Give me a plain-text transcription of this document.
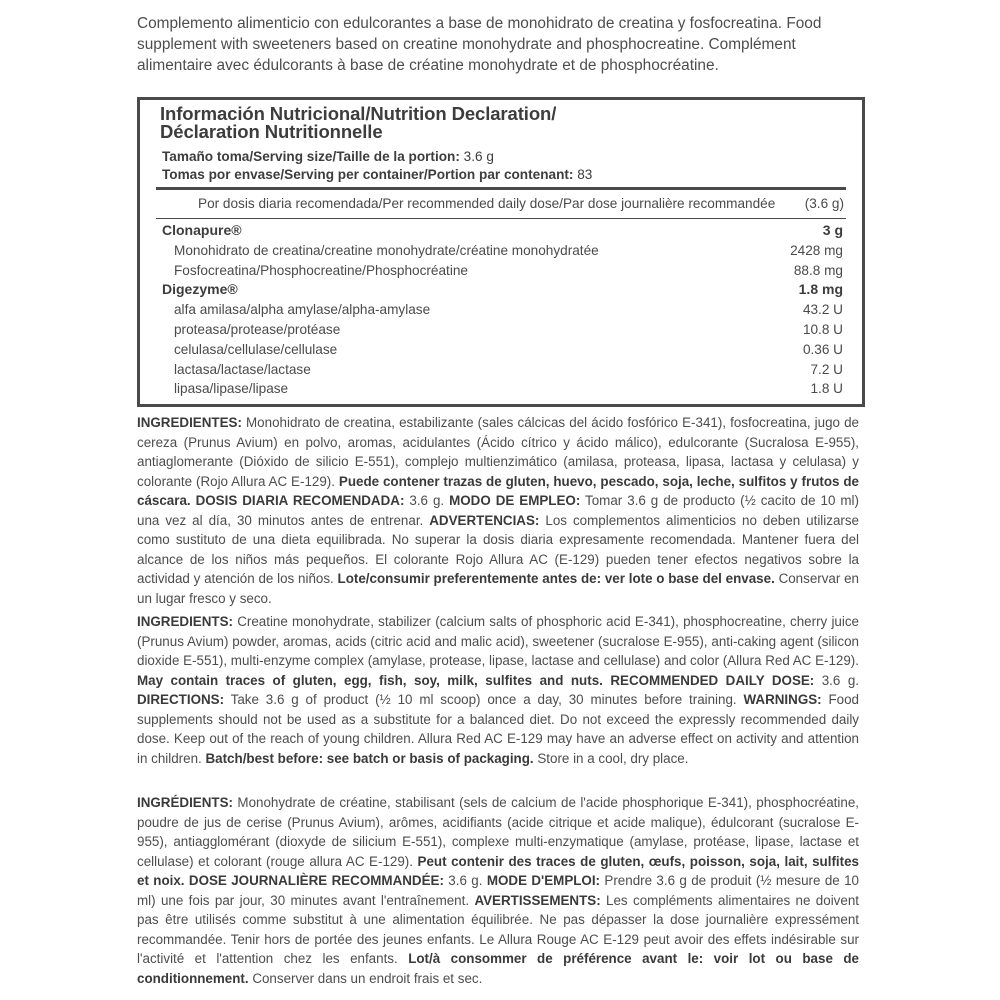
Complemento alimenticio con edulcorantes a base de monohidrato de creatina y fosfocreatina. Food supplement with sweeteners based on creatine monohydrate and phosphocreatine. Complément alimentaire avec édulcorants à base de créatine monohydrate et de phosphocréatine.
Información Nutricional/Nutrition Declaration/
Déclaration Nutritionnelle
Tamaño toma/Serving size/Taille de la portion: 3.6 g
Tomas por envase/Serving per container/Portion par contenant: 83
Por dosis diaria recomendada/Per recommended daily dose/Par dose journalière recommandée (3.6 g)
Clonapure®	3 g
Monohidrato de creatina/creatine monohydrate/créatine monohydratée	2428 mg
Fosfocreatina/Phosphocreatine/Phosphocréatine	88.8 mg
Digezyme®	1.8 mg
alfa amilasa/alpha amylase/alpha-amylase	43.2 U
proteasa/protease/protéase	10.8 U
celulasa/cellulase/cellulase	0.36 U
lactasa/lactase/lactase	7.2 U
lipasa/lipase/lipase	1.8 U
INGREDIENTES: Monohidrato de creatina, estabilizante (sales cálcicas del ácido fosfórico E-341), fosfocreatina, jugo de cereza (Prunus Avium) en polvo, aromas, acidulantes (Ácido cítrico y ácido málico), edulcorante (Sucralosa E-955), antiaglomerante (Dióxido de silicio E-551), complejo multienzimático (amilasa, proteasa, lipasa, lactasa y celulasa) y colorante (Rojo Allura AC E-129). Puede contener trazas de gluten, huevo, pescado, soja, leche, sulfitos y frutos de cáscara. DOSIS DIARIA RECOMENDADA: 3.6 g. MODO DE EMPLEO: Tomar 3.6 g de producto (½ cacito de 10 ml) una vez al día, 30 minutos antes de entrenar. ADVERTENCIAS: Los complementos alimenticios no deben utilizarse como sustituto de una dieta equilibrada. No superar la dosis diaria expresamente recomendada. Mantener fuera del alcance de los niños más pequeños. El colorante Rojo Allura AC (E-129) pueden tener efectos negativos sobre la actividad y atención de los niños. Lote/consumir preferentemente antes de: ver lote o base del envase. Conservar en un lugar fresco y seco.
INGREDIENTS: Creatine monohydrate, stabilizer (calcium salts of phosphoric acid E-341), phosphocreatine, cherry juice (Prunus Avium) powder, aromas, acids (citric acid and malic acid), sweetener (sucralose E-955), anti-caking agent (silicon dioxide E-551), multi-enzyme complex (amylase, protease, lipase, lactase and cellulase) and color (Allura Red AC E-129). May contain traces of gluten, egg, fish, soy, milk, sulfites and nuts. RECOMMENDED DAILY DOSE: 3.6 g. DIRECTIONS: Take 3.6 g of product (½ 10 ml scoop) once a day, 30 minutes before training. WARNINGS: Food supplements should not be used as a substitute for a balanced diet. Do not exceed the expressly recommended daily dose. Keep out of the reach of young children. Allura Red AC E-129 may have an adverse effect on activity and attention in children. Batch/best before: see batch or basis of packaging. Store in a cool, dry place.
INGRÉDIENTS: Monohydrate de créatine, stabilisant (sels de calcium de l'acide phosphorique E-341), phosphocréatine, poudre de jus de cerise (Prunus Avium), arômes, acidifiants (acide citrique et acide malique), édulcorant (sucralose E-955), antiagglomérant (dioxyde de silicium E-551), complexe multi-enzymatique (amylase, protéase, lipase, lactase et cellulase) et colorant (rouge allura AC E-129). Peut contenir des traces de gluten, œufs, poisson, soja, lait, sulfites et noix. DOSE JOURNALIÈRE RECOMMANDÉE: 3.6 g. MODE D'EMPLOI: Prendre 3.6 g de produit (½ mesure de 10 ml) une fois par jour, 30 minutes avant l'entraînement. AVERTISSEMENTS: Les compléments alimentaires ne doivent pas être utilisés comme substitut à une alimentation équilibrée. Ne pas dépasser la dose journalière expressément recommandée. Tenir hors de portée des jeunes enfants. Le Allura Rouge AC E-129 peut avoir des effets indésirable sur l'activité et l'attention chez les enfants. Lot/à consommer de préférence avant le: voir lot ou base de conditionnement. Conserver dans un endroit frais et sec.
